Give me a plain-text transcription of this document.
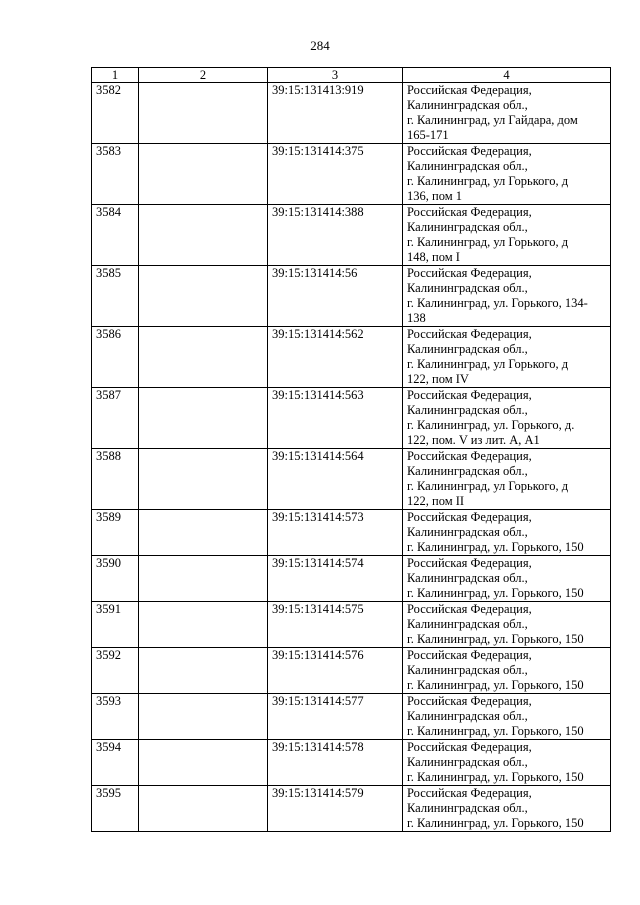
284
1	2	3	4
3582		39:15:131413:919	Российская Федерация,
Калининградская обл.,
г. Калининград, ул Гайдара, дом
165-171

3583		39:15:131414:375	Российская Федерация,
Калининградская обл.,
г. Калининград, ул Горького, д
136, пом 1

3584		39:15:131414:388	Российская Федерация,
Калининградская обл.,
г. Калининград, ул Горького, д
148, пом I

3585		39:15:131414:56	Российская Федерация,
Калининградская обл.,
г. Калининград, ул. Горького, 134-
138

3586		39:15:131414:562	Российская Федерация,
Калининградская обл.,
г. Калининград, ул Горького, д
122, пом IV

3587		39:15:131414:563	Российская Федерация,
Калининградская обл.,
г. Калининград, ул. Горького, д.
122, пом. V из лит. А, А1

3588		39:15:131414:564	Российская Федерация,
Калининградская обл.,
г. Калининград, ул Горького, д
122, пом II

3589		39:15:131414:573	Российская Федерация,
Калининградская обл.,
г. Калининград, ул. Горького, 150

3590		39:15:131414:574	Российская Федерация,
Калининградская обл.,
г. Калининград, ул. Горького, 150

3591		39:15:131414:575	Российская Федерация,
Калининградская обл.,
г. Калининград, ул. Горького, 150

3592		39:15:131414:576	Российская Федерация,
Калининградская обл.,
г. Калининград, ул. Горького, 150

3593		39:15:131414:577	Российская Федерация,
Калининградская обл.,
г. Калининград, ул. Горького, 150

3594		39:15:131414:578	Российская Федерация,
Калининградская обл.,
г. Калининград, ул. Горького, 150

3595		39:15:131414:579	Российская Федерация,
Калининградская обл.,
г. Калининград, ул. Горького, 150
